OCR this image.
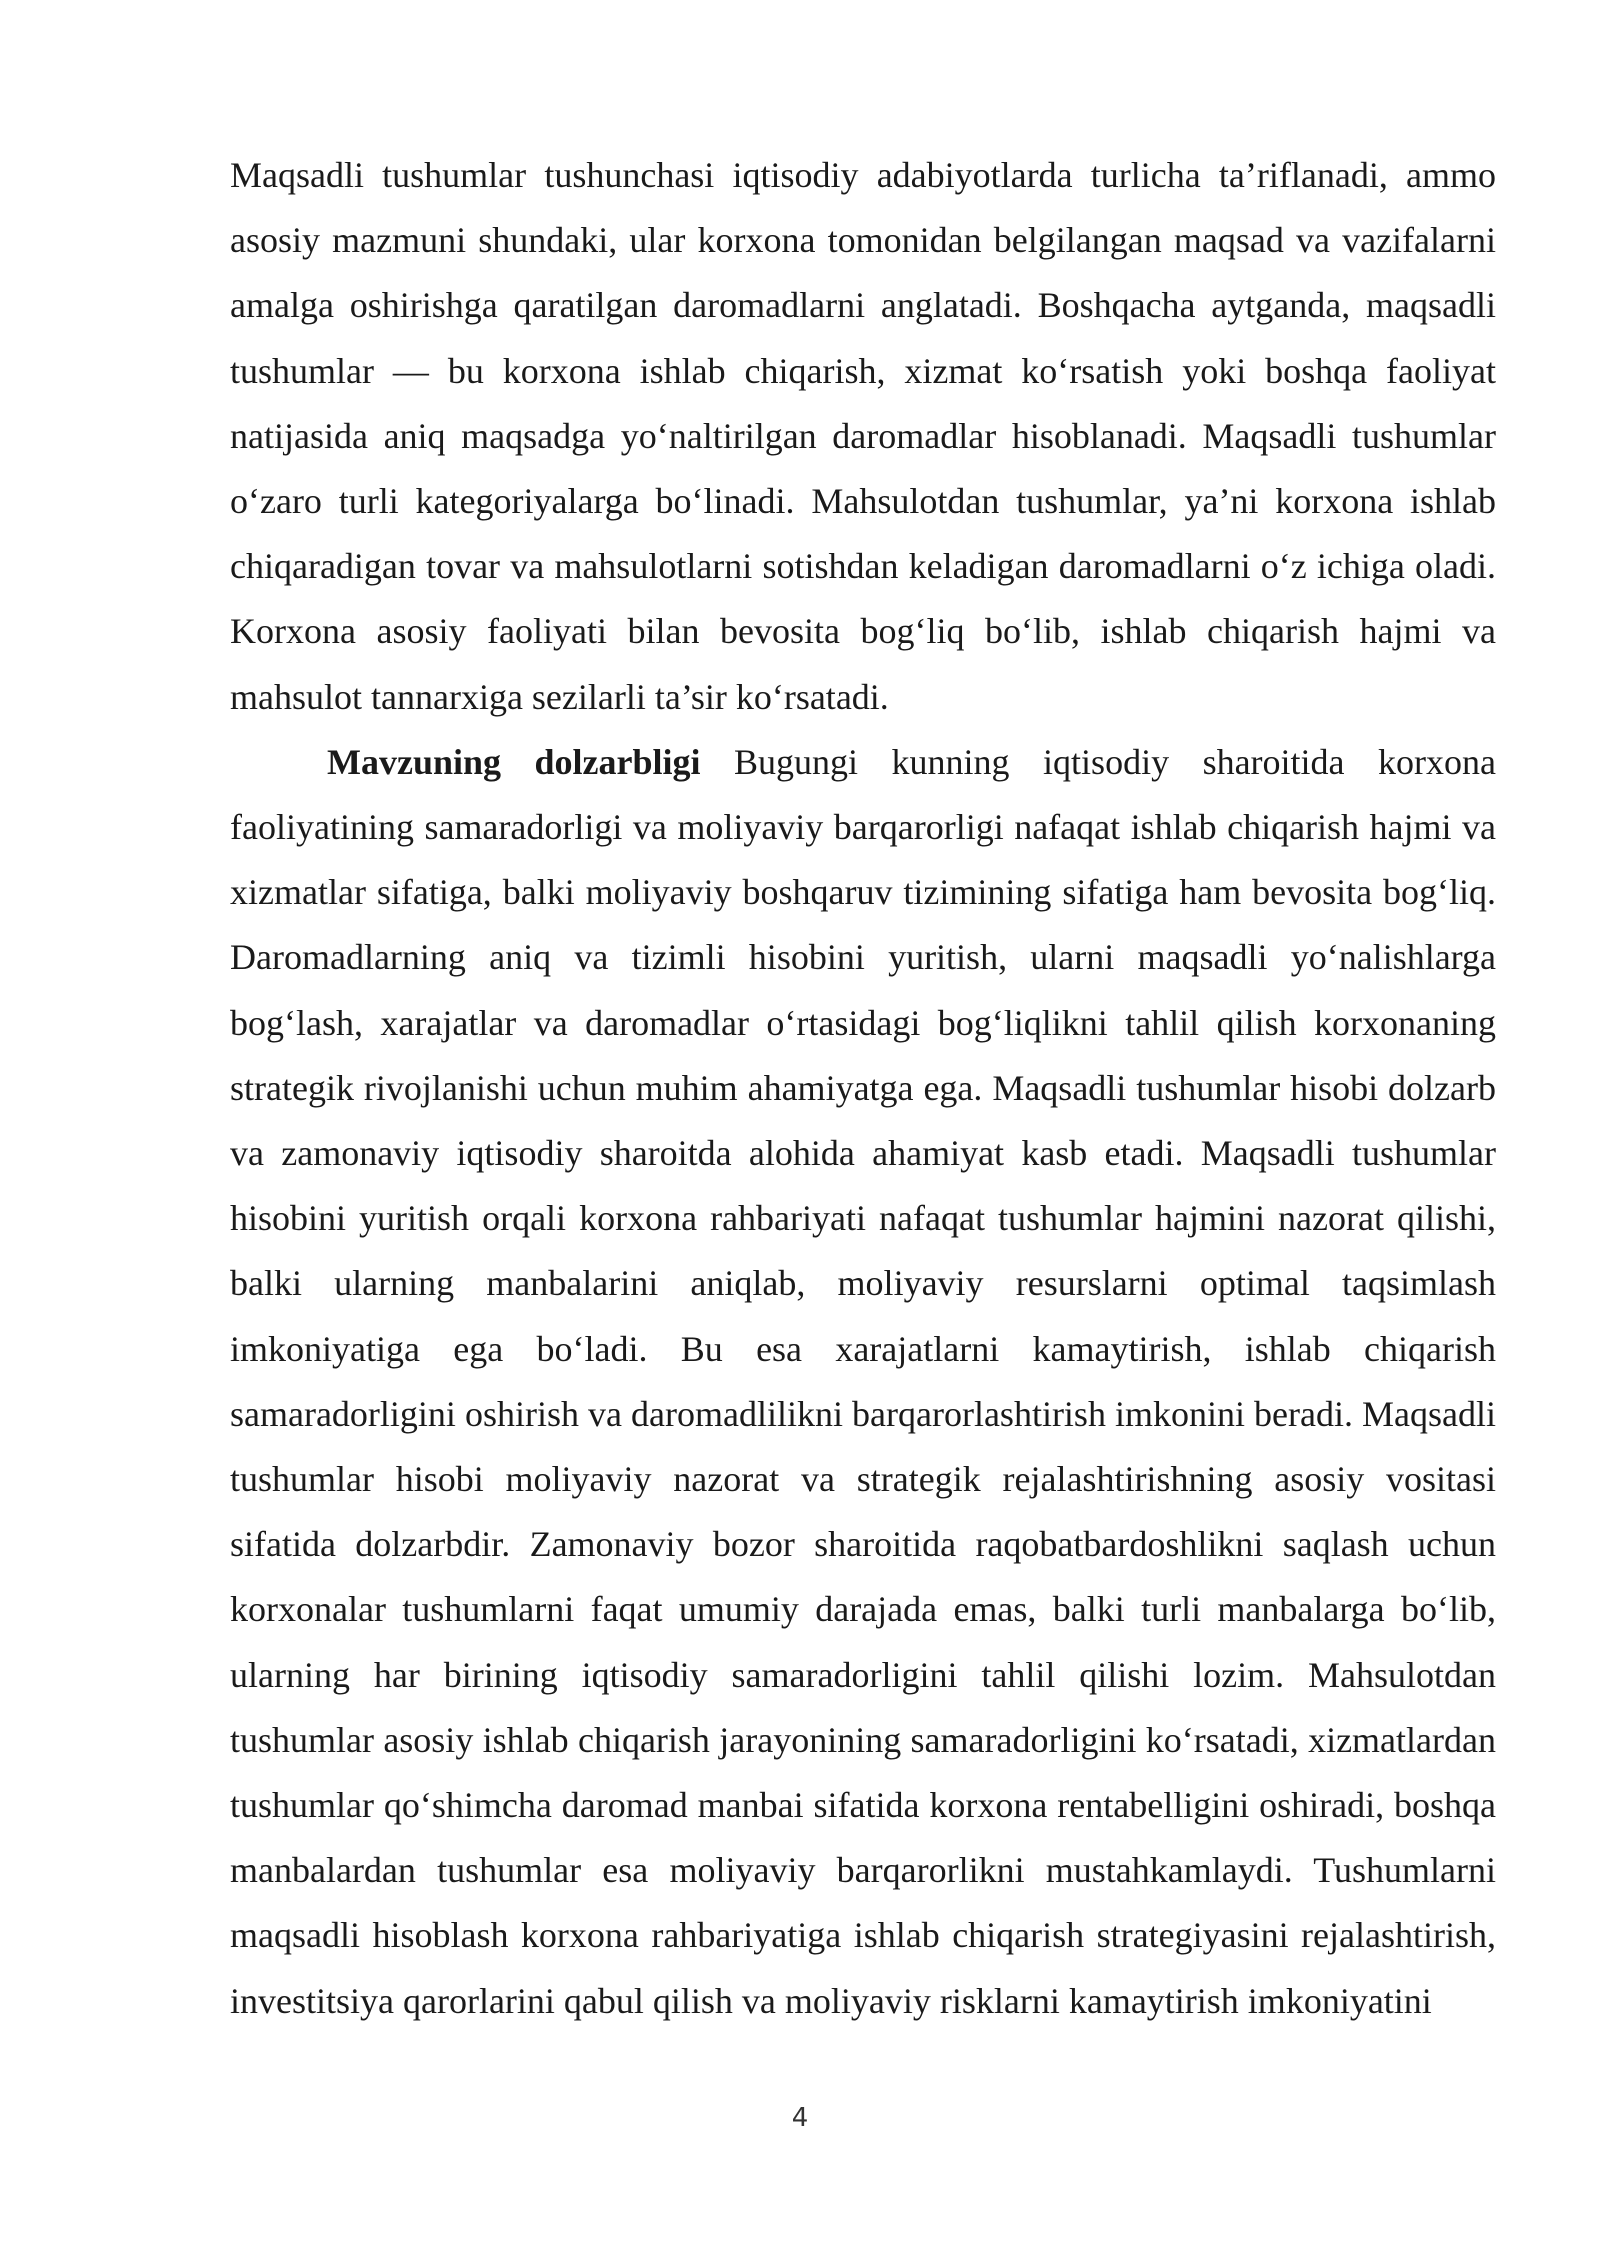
Maqsadli tushumlar tushunchasi iqtisodiy adabiyotlarda turlicha ta’riflanadi, ammo asosiy mazmuni shundaki, ular korxona tomonidan belgilangan maqsad va vazifalarni amalga oshirishga qaratilgan daromadlarni anglatadi. Boshqacha aytganda, maqsadli tushumlar — bu korxona ishlab chiqarish, xizmat ko‘rsatish yoki boshqa faoliyat natijasida aniq maqsadga yo‘naltirilgan daromadlar hisoblanadi. Maqsadli tushumlar o‘zaro turli kategoriyalarga bo‘linadi. Mahsulotdan tushumlar, ya’ni korxona ishlab chiqaradigan tovar va mahsulotlarni sotishdan keladigan daromadlarni o‘z ichiga oladi. Korxona asosiy faoliyati bilan bevosita bog‘liq bo‘lib, ishlab chiqarish hajmi va mahsulot tannarxiga sezilarli ta’sir ko‘rsatadi.

Mavzuning dolzarbligi Bugungi kunning iqtisodiy sharoitida korxona faoliyatining samaradorligi va moliyaviy barqarorligi nafaqat ishlab chiqarish hajmi va xizmatlar sifatiga, balki moliyaviy boshqaruv tizimining sifatiga ham bevosita bog‘liq. Daromadlarning aniq va tizimli hisobini yuritish, ularni maqsadli yo‘nalishlarga bog‘lash, xarajatlar va daromadlar o‘rtasidagi bog‘liqlikni tahlil qilish korxonaning strategik rivojlanishi uchun muhim ahamiyatga ega. Maqsadli tushumlar hisobi dolzarb va zamonaviy iqtisodiy sharoitda alohida ahamiyat kasb etadi. Maqsadli tushumlar hisobini yuritish orqali korxona rahbariyati nafaqat tushumlar hajmini nazorat qilishi, balki ularning manbalarini aniqlab, moliyaviy resurslarni optimal taqsimlash imkoniyatiga ega bo‘ladi. Bu esa xarajatlarni kamaytirish, ishlab chiqarish samaradorligini oshirish va daromadlilikni barqarorlashtirish imkonini beradi. Maqsadli tushumlar hisobi moliyaviy nazorat va strategik rejalashtirishning asosiy vositasi sifatida dolzarbdir. Zamonaviy bozor sharoitida raqobatbardoshlikni saqlash uchun korxonalar tushumlarni faqat umumiy darajada emas, balki turli manbalarga bo‘lib, ularning har birining iqtisodiy samaradorligini tahlil qilishi lozim. Mahsulotdan tushumlar asosiy ishlab chiqarish jarayonining samaradorligini ko‘rsatadi, xizmatlardan tushumlar qo‘shimcha daromad manbai sifatida korxona rentabelligini oshiradi, boshqa manbalardan tushumlar esa moliyaviy barqarorlikni mustahkamlaydi. Tushumlarni maqsadli hisoblash korxona rahbariyatiga ishlab chiqarish strategiyasini rejalashtirish, investitsiya qarorlarini qabul qilish va moliyaviy risklarni kamaytirish imkoniyatini

4
